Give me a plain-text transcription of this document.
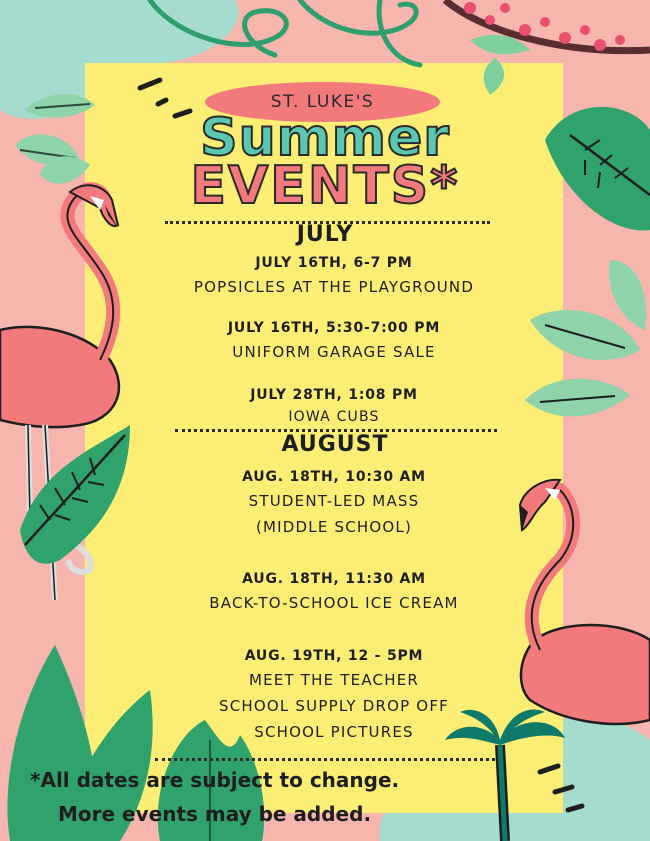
ST. LUKE'S
Summer
EVENTS*
JULY
JULY 16TH, 6-7 PM
POPSICLES AT THE PLAYGROUND
JULY 16TH, 5:30-7:00 PM
UNIFORM GARAGE SALE
JULY 28TH, 1:08 PM
IOWA CUBS
AUGUST
AUG. 18TH, 10:30 AM
STUDENT-LED MASS
(MIDDLE SCHOOL)
AUG. 18TH, 11:30 AM
BACK-TO-SCHOOL ICE CREAM
AUG. 19TH, 12 - 5PM
MEET THE TEACHER
SCHOOL SUPPLY DROP OFF
SCHOOL PICTURES
*All dates are subject to change.
More events may be added.
